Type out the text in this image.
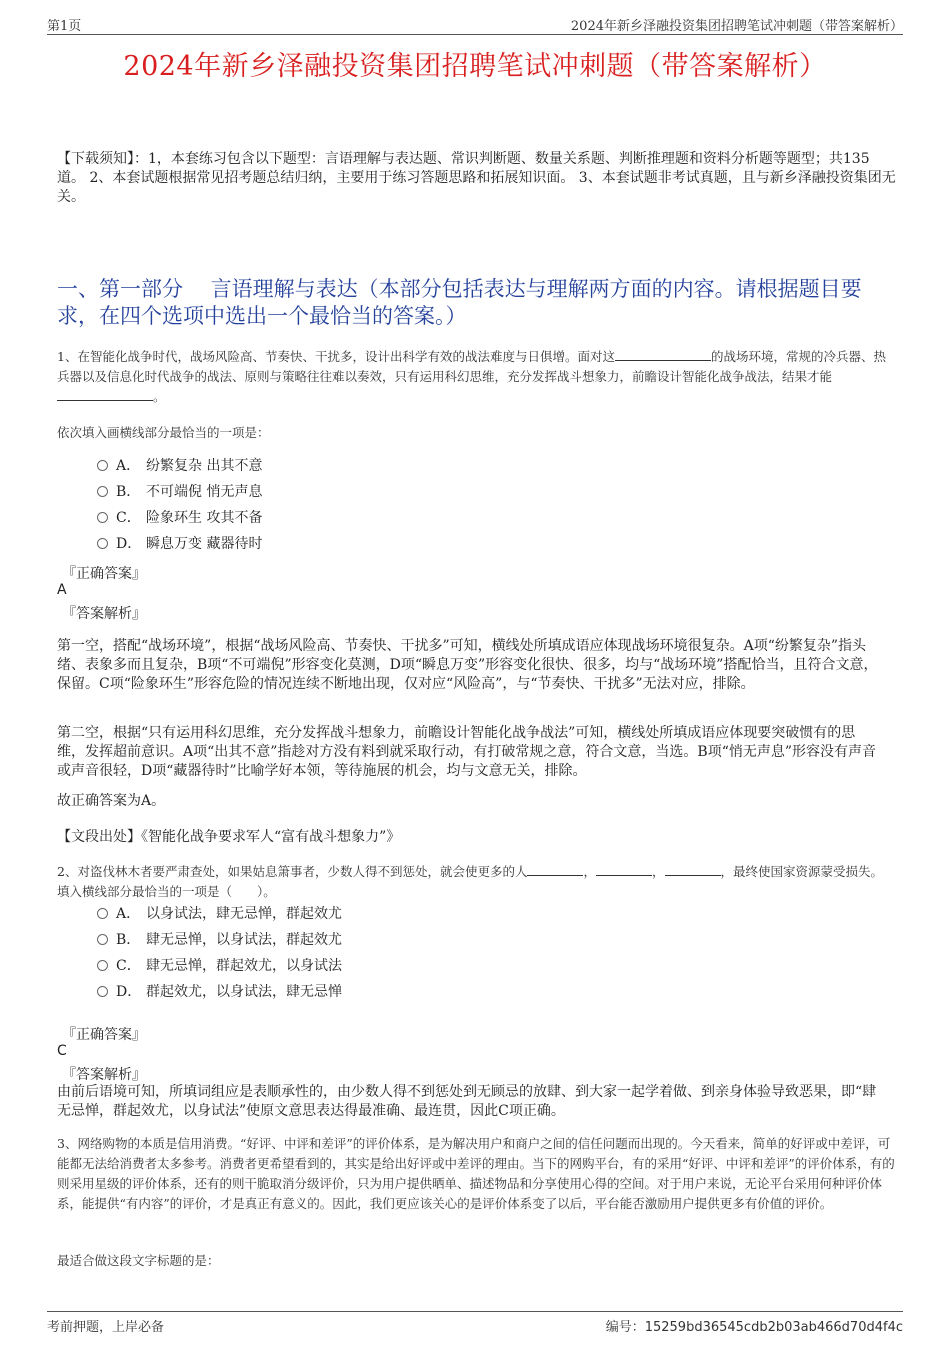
第1页	2024年新乡泽融投资集团招聘笔试冲刺题（带答案解析）
2024年新乡泽融投资集团招聘笔试冲刺题（带答案解析）
【下载须知】：1，本套练习包含以下题型：言语理解与表达题、常识判断题、数量关系题、判断推理题和资料分析题等题型；共135道。 2、本套试题根据常见招考题总结归纳，主要用于练习答题思路和拓展知识面。 3、本套试题非考试真题，且与新乡泽融投资集团无关。
一、第一部分　 言语理解与表达（本部分包括表达与理解两方面的内容。请根据题目要求，在四个选项中选出一个最恰当的答案。）
1、在智能化战争时代，战场风险高、节奏快、干扰多，设计出科学有效的战法难度与日俱增。面对这	的战场环境，常规的冷兵器、热兵器以及信息化时代战争的战法、原则与策略往往难以奏效，只有运用科幻思维，充分发挥战斗想象力，前瞻设计智能化战争战法，结果才能。
依次填入画横线部分最恰当的一项是：
A． 纷繁复杂 出其不意
B． 不可端倪 悄无声息
C． 险象环生 攻其不备
D． 瞬息万变 藏器待时
『正确答案』
A
『答案解析』
第一空，搭配“战场环境”，根据“战场风险高、节奏快、干扰多”可知，横线处所填成语应体现战场环境很复杂。A项“纷繁复杂”指头绪、表象多而且复杂，B项“不可端倪”形容变化莫测，D项“瞬息万变”形容变化很快、很多，均与“战场环境”搭配恰当，且符合文意，保留。C项“险象环生”形容危险的情况连续不断地出现，仅对应“风险高”，与“节奏快、干扰多”无法对应，排除。
第二空，根据“只有运用科幻思维，充分发挥战斗想象力，前瞻设计智能化战争战法”可知，横线处所填成语应体现要突破惯有的思维，发挥超前意识。A项“出其不意”指趁对方没有料到就采取行动，有打破常规之意，符合文意，当选。B项“悄无声息”形容没有声音或声音很轻，D项“藏器待时”比喻学好本领，等待施展的机会，均与文意无关，排除。
故正确答案为A。
【文段出处】《智能化战争要求军人“富有战斗想象力”》
2、对盗伐林木者要严肃查处，如果姑息箫事者，少数人得不到惩处，就会使更多的人	，	，	，最终使国家资源蒙受损失。
填入横线部分最恰当的一项是（　　）。
A． 以身试法，肆无忌惮，群起效尤
B． 肆无忌惮，以身试法，群起效尤
C． 肆无忌惮，群起效尤，以身试法
D． 群起效尤，以身试法，肆无忌惮
『正确答案』
C
『答案解析』
由前后语境可知，所填词组应是表顺承性的，由少数人得不到惩处到无顾忌的放肆、到大家一起学着做、到亲身体验导致恶果，即“肆无忌惮，群起效尤，以身试法”使原文意思表达得最准确、最连贯，因此C项正确。
3、网络购物的本质是信用消费。“好评、中评和差评”的评价体系，是为解决用户和商户之间的信任问题而出现的。今天看来，简单的好评或中差评，可能都无法给消费者太多参考。消费者更希望看到的，其实是给出好评或中差评的理由。当下的网购平台，有的采用“好评、中评和差评”的评价体系，有的则采用星级的评价体系，还有的则干脆取消分级评价，只为用户提供晒单、描述物品和分享使用心得的空间。对于用户来说，无论平台采用何种评价体系，能提供“有内容”的评价，才是真正有意义的。因此，我们更应该关心的是评价体系变了以后，平台能否激励用户提供更多有价值的评价。
最适合做这段文字标题的是：
考前押题，上岸必备	编号：15259bd36545cdb2b03ab466d70d4f4c
